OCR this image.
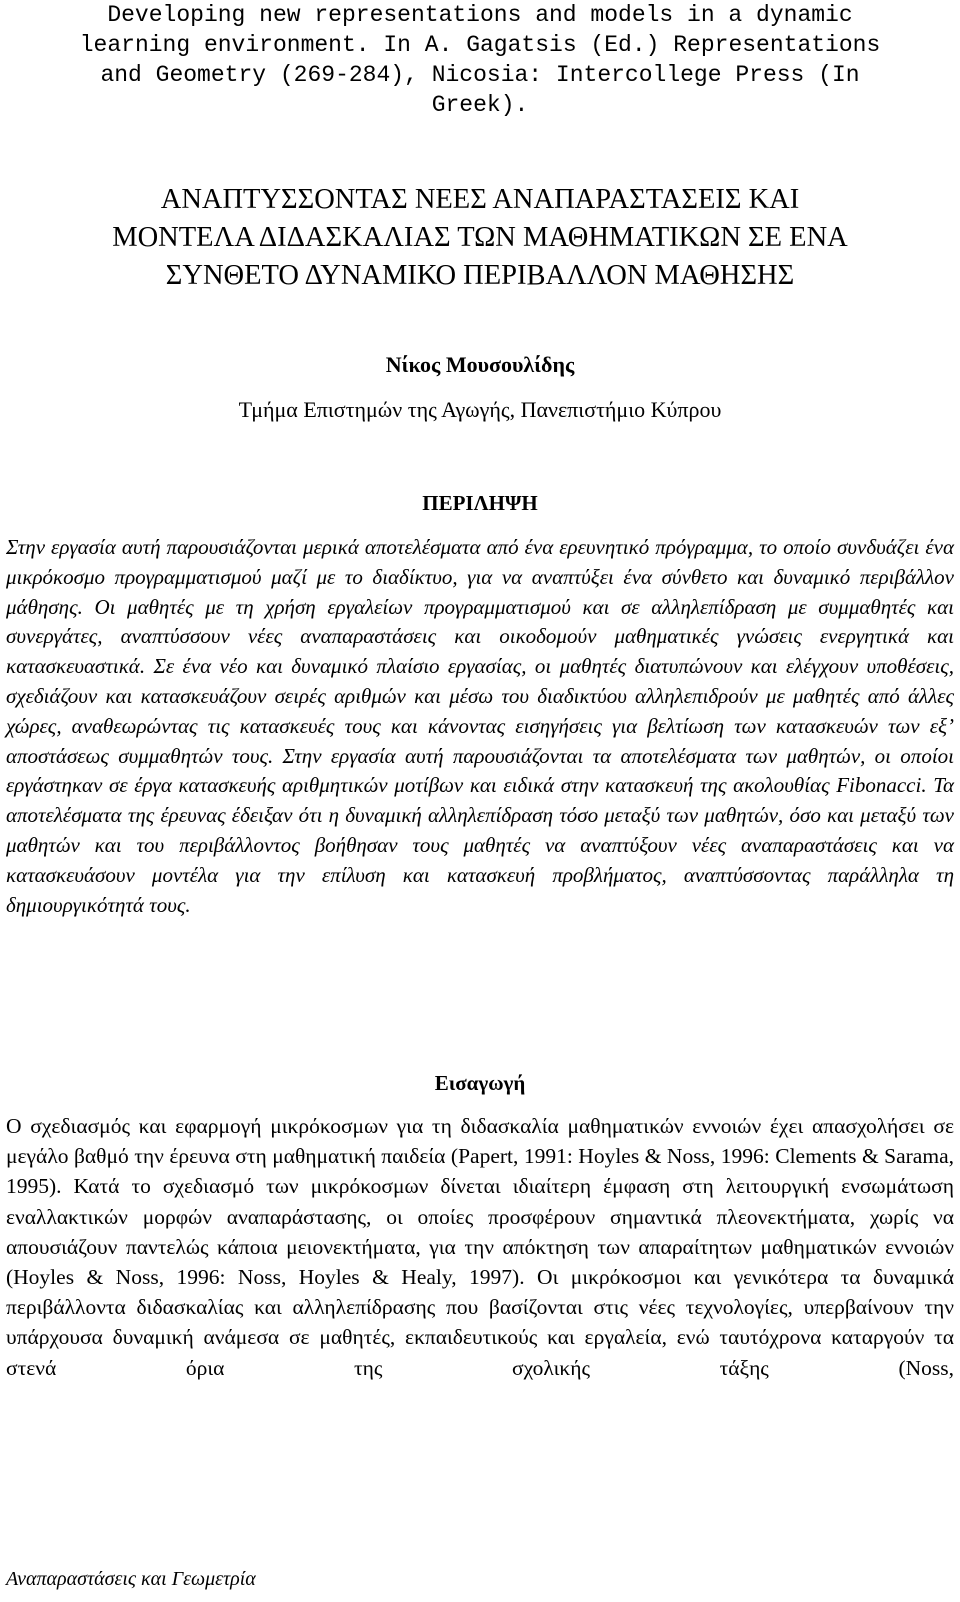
Developing new representations and models in a dynamic
learning environment. In A. Gagatsis (Ed.) Representations
and Geometry (269-284), Nicosia: Intercollege Press (In
Greek).
ΑΝΑΠΤΥΣΣΟΝΤΑΣ ΝΕΕΣ ΑΝΑΠΑΡΑΣΤΑΣΕΙΣ ΚΑΙ
ΜΟΝΤΕΛΑ ΔΙΔΑΣΚΑΛΙΑΣ ΤΩΝ ΜΑΘΗΜΑΤΙΚΩΝ ΣΕ ΕΝΑ
ΣΥΝΘΕΤΟ ΔΥΝΑΜΙΚΟ ΠΕΡΙΒΑΛΛΟΝ ΜΑΘΗΣΗΣ
Νίκος Μουσουλίδης
Τμήμα Επιστημών της Αγωγής, Πανεπιστήμιο Κύπρου
ΠΕΡΙΛΗΨΗ

Στην εργασία αυτή παρουσιάζονται μερικά αποτελέσματα από ένα ερευνητικό πρόγραμμα, το οποίο συνδυάζει ένα μικρόκοσμο προγραμματισμού μαζί με το διαδίκτυο, για να αναπτύξει ένα σύνθετο και δυναμικό περιβάλλον μάθησης. Οι μαθητές με τη χρήση εργαλείων προγραμματισμού και σε αλληλεπίδραση με συμμαθητές και συνεργάτες, αναπτύσσουν νέες αναπαραστάσεις και οικοδομούν μαθηματικές γνώσεις ενεργητικά και κατασκευαστικά. Σε ένα νέο και δυναμικό πλαίσιο εργασίας, οι μαθητές διατυπώνουν και ελέγχουν υποθέσεις, σχεδιάζουν και κατασκευάζουν σειρές αριθμών και μέσω του διαδικτύου αλληλεπιδρούν με μαθητές από άλλες χώρες, αναθεωρώντας τις κατασκευές τους και κάνοντας εισηγήσεις για βελτίωση των κατασκευών των εξ’ αποστάσεως συμμαθητών τους. Στην εργασία αυτή παρουσιάζονται τα αποτελέσματα των μαθητών, οι οποίοι εργάστηκαν σε έργα κατασκευής αριθμητικών μοτίβων και ειδικά στην κατασκευή της ακολουθίας Fibonacci. Τα αποτελέσματα της έρευνας έδειξαν ότι η δυναμική αλληλεπίδραση τόσο μεταξύ των μαθητών, όσο και μεταξύ των μαθητών και του περιβάλλοντος βοήθησαν τους μαθητές να αναπτύξουν νέες αναπαραστάσεις και να κατασκευάσουν μοντέλα για την επίλυση και κατασκευή προβλήματος, αναπτύσσοντας παράλληλα τη δημιουργικότητά τους.

Εισαγωγή

Ο σχεδιασμός και εφαρμογή μικρόκοσμων για τη διδασκαλία μαθηματικών εννοιών έχει απασχολήσει σε μεγάλο βαθμό την έρευνα στη μαθηματική παιδεία (Papert, 1991: Hoyles & Noss, 1996: Clements & Sarama, 1995). Κατά το σχεδιασμό των μικρόκοσμων δίνεται ιδιαίτερη έμφαση στη λειτουργική ενσωμάτωση εναλλακτικών μορφών αναπαράστασης, οι οποίες προσφέρουν σημαντικά πλεονεκτήματα, χωρίς να απουσιάζουν παντελώς κάποια μειονεκτήματα, για την απόκτηση των απαραίτητων μαθηματικών εννοιών (Hoyles & Noss, 1996: Noss, Hoyles & Healy, 1997). Οι μικρόκοσμοι και γενικότερα τα δυναμικά περιβάλλοντα διδασκαλίας και αλληλεπίδρασης που βασίζονται στις νέες τεχνολογίες, υπερβαίνουν την υπάρχουσα δυναμική ανάμεσα σε μαθητές, εκπαιδευτικούς και εργαλεία, ενώ ταυτόχρονα καταργούν τα στενά όρια της σχολικής τάξης (Noss,

Αναπαραστάσεις και Γεωμετρία
